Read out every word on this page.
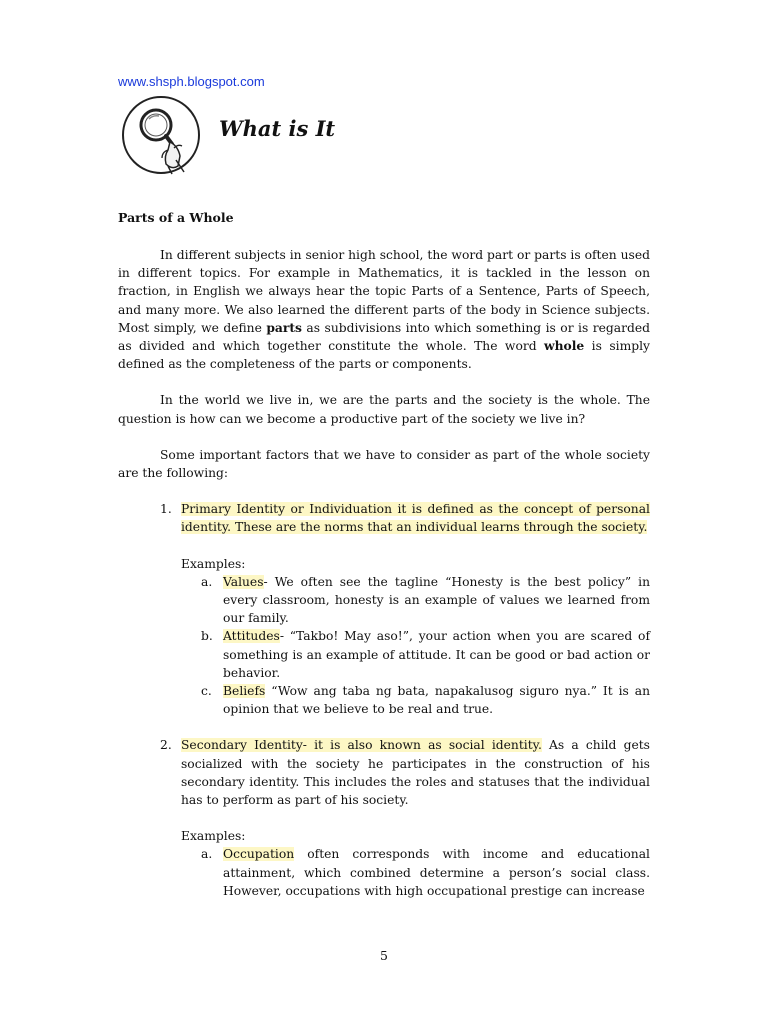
www.shsph.blogspot.com
What is It
Parts of a Whole

In different subjects in senior high school, the word part or parts is often used in different topics. For example in Mathematics, it is tackled in the lesson on fraction, in English we always hear the topic Parts of a Sentence, Parts of Speech, and many more. We also learned the different parts of the body in Science subjects. Most simply, we define parts as subdivisions into which something is or is regarded as divided and which together constitute the whole. The word whole is simply defined as the completeness of the parts or components.

In the world we live in, we are the parts and the society is the whole. The question is how can we become a productive part of the society we live in?

Some important factors that we have to consider as part of the whole society are the following:

1. Primary Identity or Individuation it is defined as the concept of personal identity. These are the norms that an individual learns through the society.

Examples:

a. Values- We often see the tagline “Honesty is the best policy” in every classroom, honesty is an example of values we learned from our family.
b. Attitudes- “Takbo! May aso!”, your action when you are scared of something is an example of attitude. It can be good or bad action or behavior.
c. Beliefs “Wow ang taba ng bata, napakalusog siguro nya.” It is an opinion that we believe to be real and true.
2. Secondary Identity- it is also known as social identity. As a child gets socialized with the society he participates in the construction of his secondary identity. This includes the roles and statuses that the individual has to perform as part of his society.

Examples:

a. Occupation often corresponds with income and educational attainment, which combined determine a person’s social class. However, occupations with high occupational prestige can increase
5
